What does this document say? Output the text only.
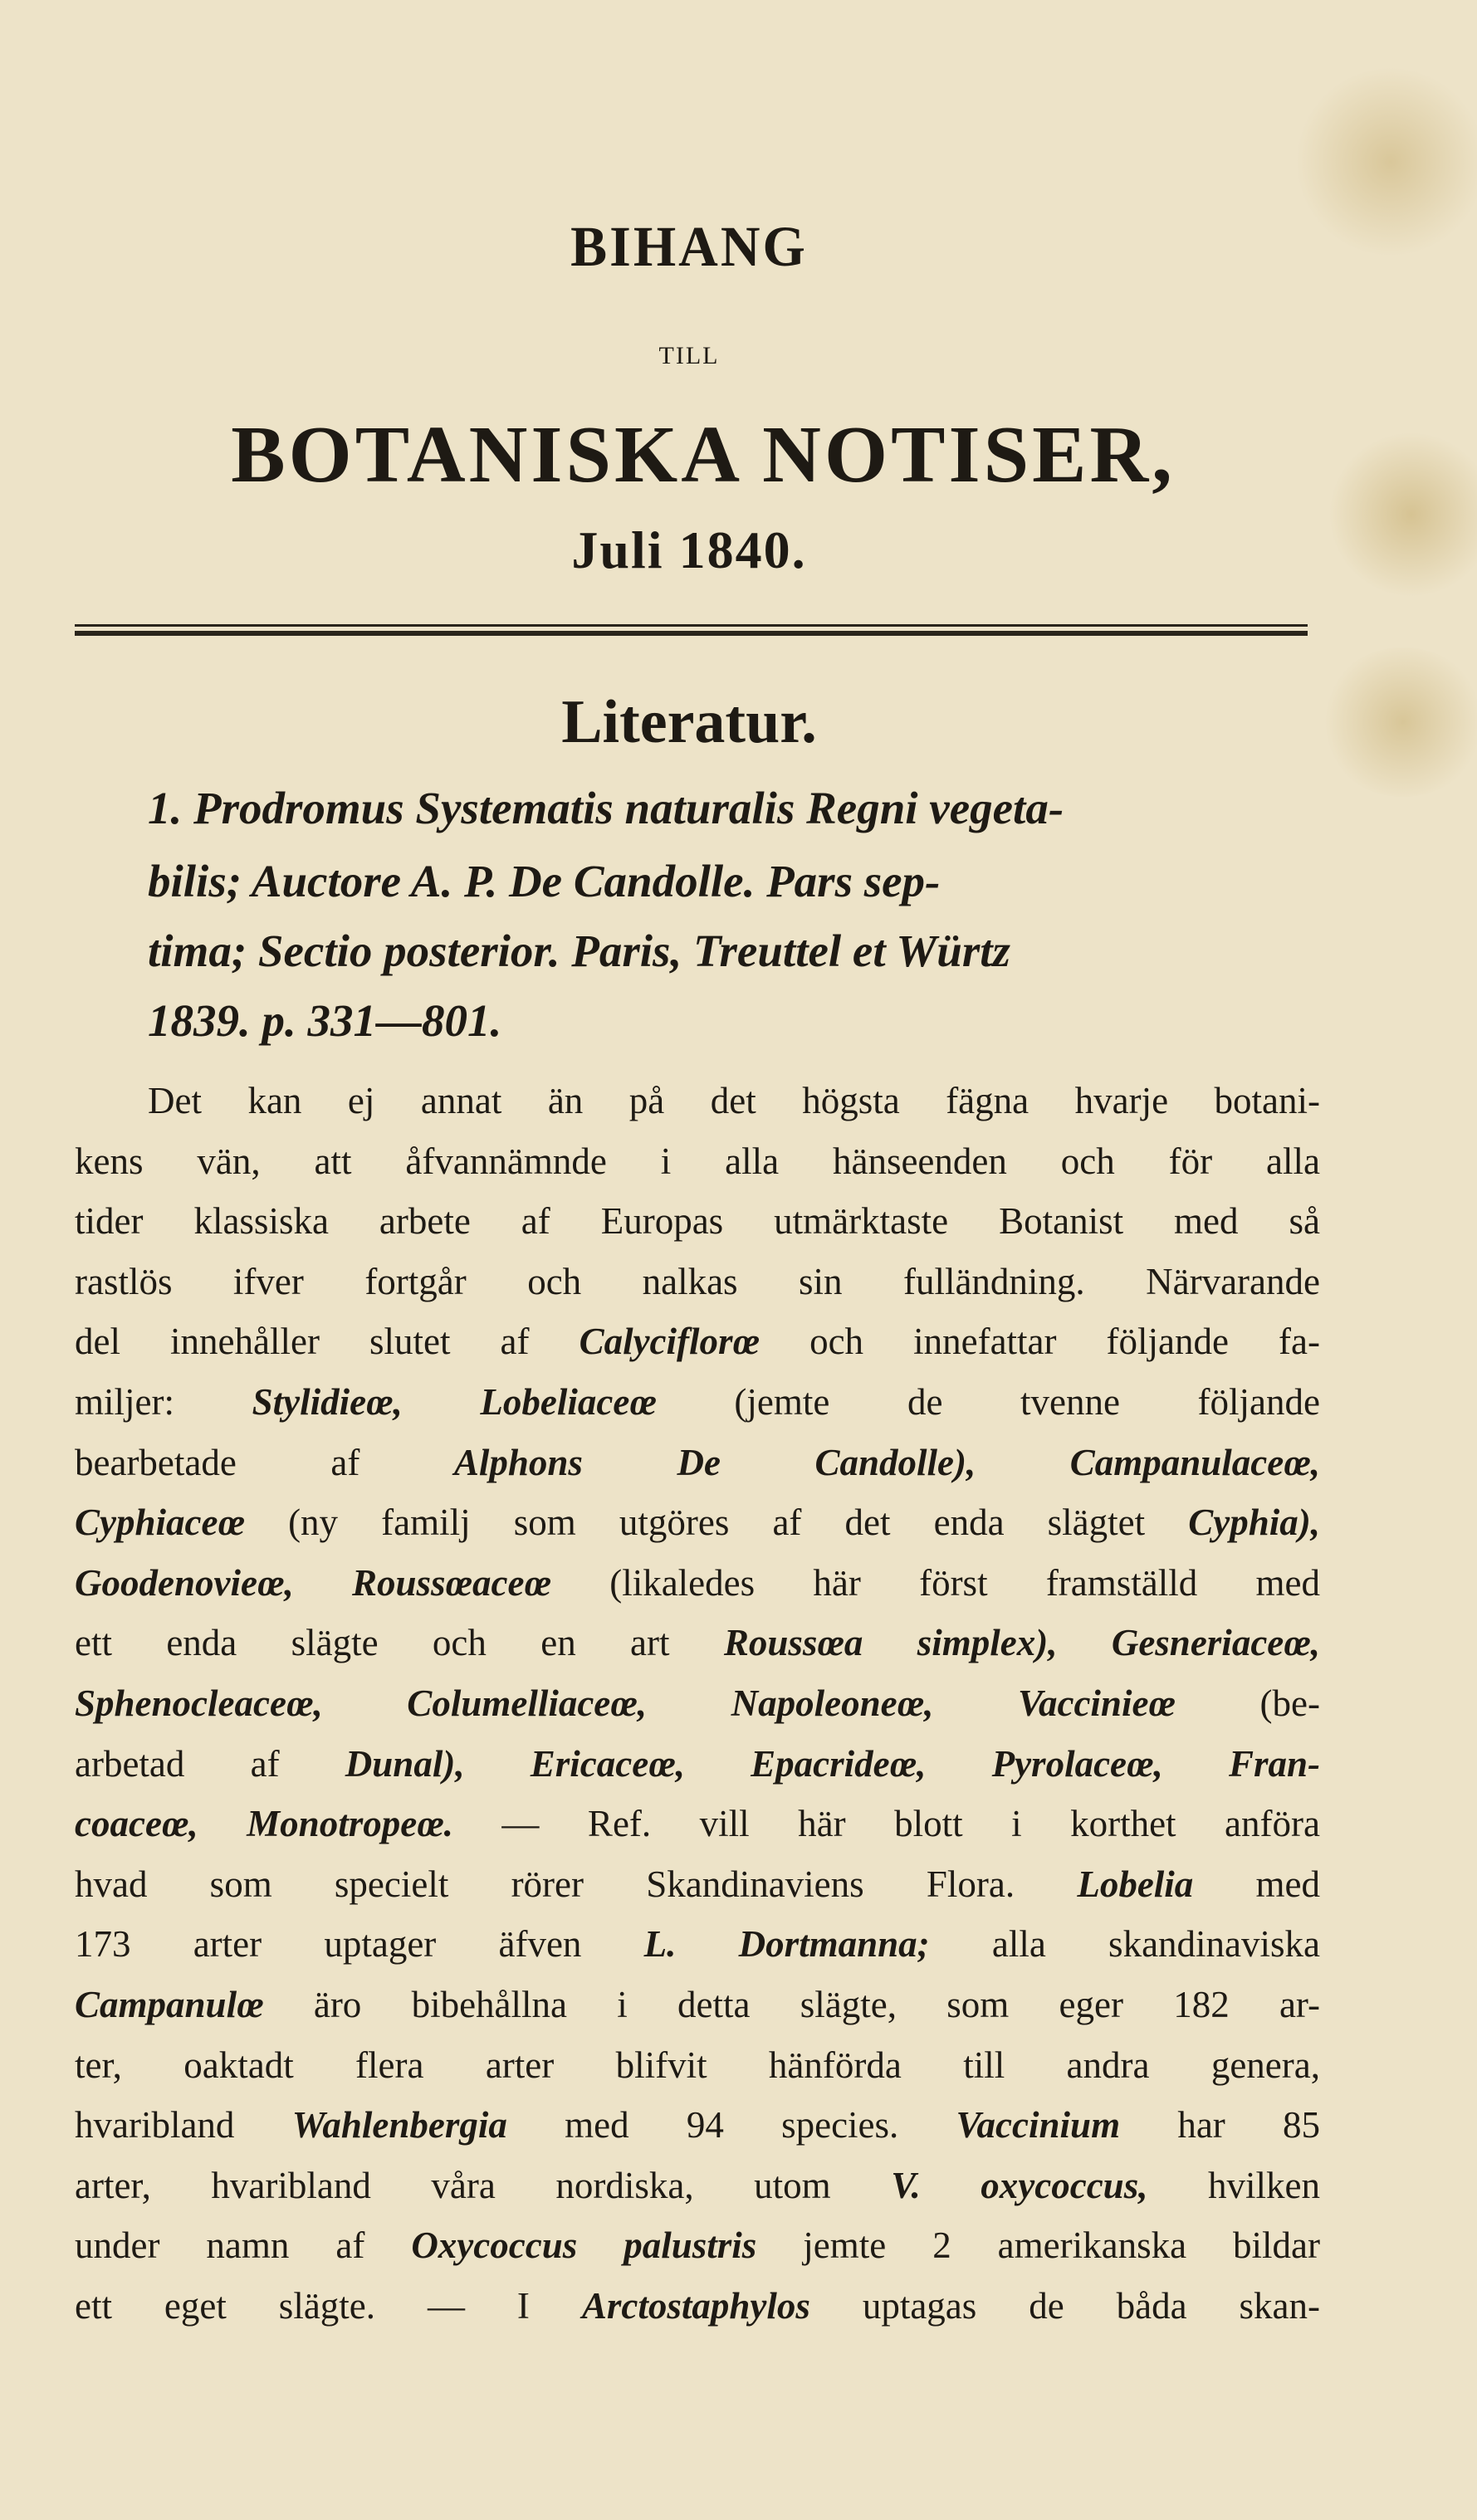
BIHANG
TILL
BOTANISKA NOTISER,
Juli 1840.
Literatur.
1. Prodromus Systematis naturalis Regni vegeta-
bilis; Auctore A. P. De Candolle. Pars sep-
tima; Sectio posterior. Paris, Treuttel et Würtz
1839. p. 331—801.
Det kan ej annat än på det högsta fägna hvarje botani-
kens vän, att åfvannämnde i alla hänseenden och för alla
tider klassiska arbete af Europas utmärktaste Botanist med så
rastlös ifver fortgår och nalkas sin fulländning. Närvarande
del innehåller slutet af Calyciflorœ och innefattar följande fa-
miljer: Stylidieœ, Lobeliaceœ (jemte de tvenne följande
bearbetade af Alphons De Candolle), Campanulaceœ,
Cyphiaceœ (ny familj som utgöres af det enda slägtet Cyphia),
Goodenovieœ, Roussœaceœ (likaledes här först framställd med
ett enda slägte och en art Roussœa simplex), Gesneriaceœ,
Sphenocleaceœ, Columelliaceœ, Napoleoneœ, Vaccinieœ (be-
arbetad af Dunal), Ericaceœ, Epacrideœ, Pyrolaceœ, Fran-
coaceœ, Monotropeœ. — Ref. vill här blott i korthet anföra
hvad som specielt rörer Skandinaviens Flora. Lobelia med
173 arter uptager äfven L. Dortmanna; alla skandinaviska
Campanulœ äro bibehållna i detta slägte, som eger 182 ar-
ter, oaktadt flera arter blifvit hänförda till andra genera,
hvaribland Wahlenbergia med 94 species. Vaccinium har 85
arter, hvaribland våra nordiska, utom V. oxycoccus, hvilken
under namn af Oxycoccus palustris jemte 2 amerikanska bildar
ett eget slägte. — I Arctostaphylos uptagas de båda skan-
